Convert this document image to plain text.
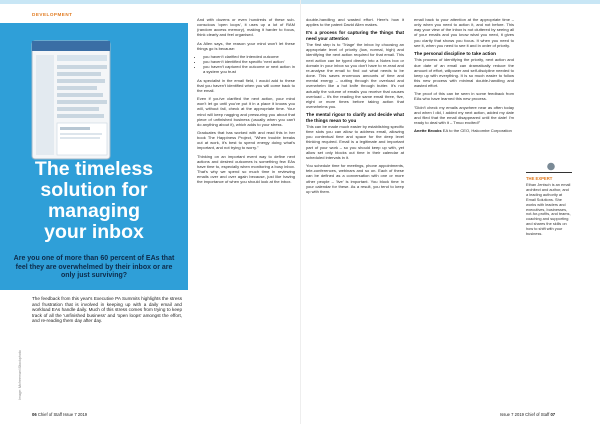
DEVELOPMENT
The timeless
solution for
managing
your inbox
Are you one of more than 60 percent of EAs that feel they are overwhelmed by their inbox or are only just surviving?
Image: Mcfreeman/iStockphoto

The feedback from this year's Executive PA Summits highlights the stress and frustration that is involved in keeping up with a daily email and workload EAs handle daily. Much of this stress comes from trying to keep track of all the 'unfinished business' and 'open loops' amongst the effort, and re-reading them day after day.

And with dozens or even hundreds of these sub-conscious 'open loops', it uses up a lot of RAM (random access memory), making it harder to focus, think clearly and feel organised.

As Allen says, the reason your mind won't let these things go is because:

• you haven't clarified the intended outcome
• you haven't identified the specific 'next action'
• you haven't captured the outcome or next action in a system you trust

As specialist in the email field, I would add to these that you haven't identified when you will come back to the email.

Even if you've clarified the next action, your mind won't let go until you've put it in a place it knows you will, without fail, check at the appropriate time. Your mind will keep nagging and pressuring you about that piece of unfinished business (usually when you can't do anything about it), which adds to your stress.

Graduates that has worked with and read this in her book The Happiness Project, "When trouble breaks out at work, it's best to spend energy doing what's important, and not trying to worry."

Thinking on an important event way to define next actions and desired outcomes is something few EAs have time to, especially when monitoring a busy inbox. That's why we spend so much time in reviewing emails over and over again because, just like having the importance of when you should look at the inbox.

double-handling and wasted effort. Here's how it applies to the patent David Allen makes.

It's a process for capturing the things that need your attention

The first step is to 'Triage' the inbox by choosing an appropriate level of priority (low, normal, high) and identifying the next action required for that email. This next action can be typed directly into a Notes box or domain in your inbox so you don't have to re-read and re-analyse the email to find out what needs to be done. This saves enormous amounts of time and mental energy – cutting through the overload and overwhelm like a hot knife through butter. It's not actually the volume of emails you receive that causes overload – it's the reading the same email three, five, eight or more times before taking action that overwhelms you.

The mental rigour to clarify and decide what the things mean to you

This can be made much easier by establishing specific time slots you can allow to address email, allowing you contextual time and space for the deep level thinking required. Email is a legitimate and important part of your work – so you should keep up with, yet allow set only blocks out time in their calendar at scheduled intervals in it.

You schedule time for meetings, phone appointments, tele-conferences, webinars and so on. Each of these can be defined as a conversation with one or more other people – 'live' is important. You block time in your calendar for these. As a result, you tend to keep up with them.

email back to your attention at the appropriate time – only when you need to action it, and not before. This way your view of the inbox is not cluttered by seeing all of your emails and you know what you need, it gives you clarity that shows you focus. It when you need to see it, when you need to see it and in order of priority.

The personal discipline to take action

This process of identifying the priority, next action and due date of an email can dramatically reduce the amount of effort, willpower and self-discipline needed to keep up with everything. It is so much easier to follow this new process with minimal double-handling and wasted effort.

The proof of this can be seen in some feedback from EAs who have learned this new process.

"Didn't check my emails anywhere near as often today and when I did, I added my next action, added my date and filed that the email disappeared until the date! I'm ready to deal with it – Tmuo excited!"

Anette Brooks EA to the CEO, Halcombe Corporation

THE EXPERT
Ethan Jentsch is an email architect and author, and a leading authority at Email Solutions. She works with leaders and executives, businesses, not-for-profits, and teams, coaching and supporting and shares the skills on how to shift with your business.
06 Chief of Staff Issue 7 2019	Issue 7 2019 Chief of Staff 07
